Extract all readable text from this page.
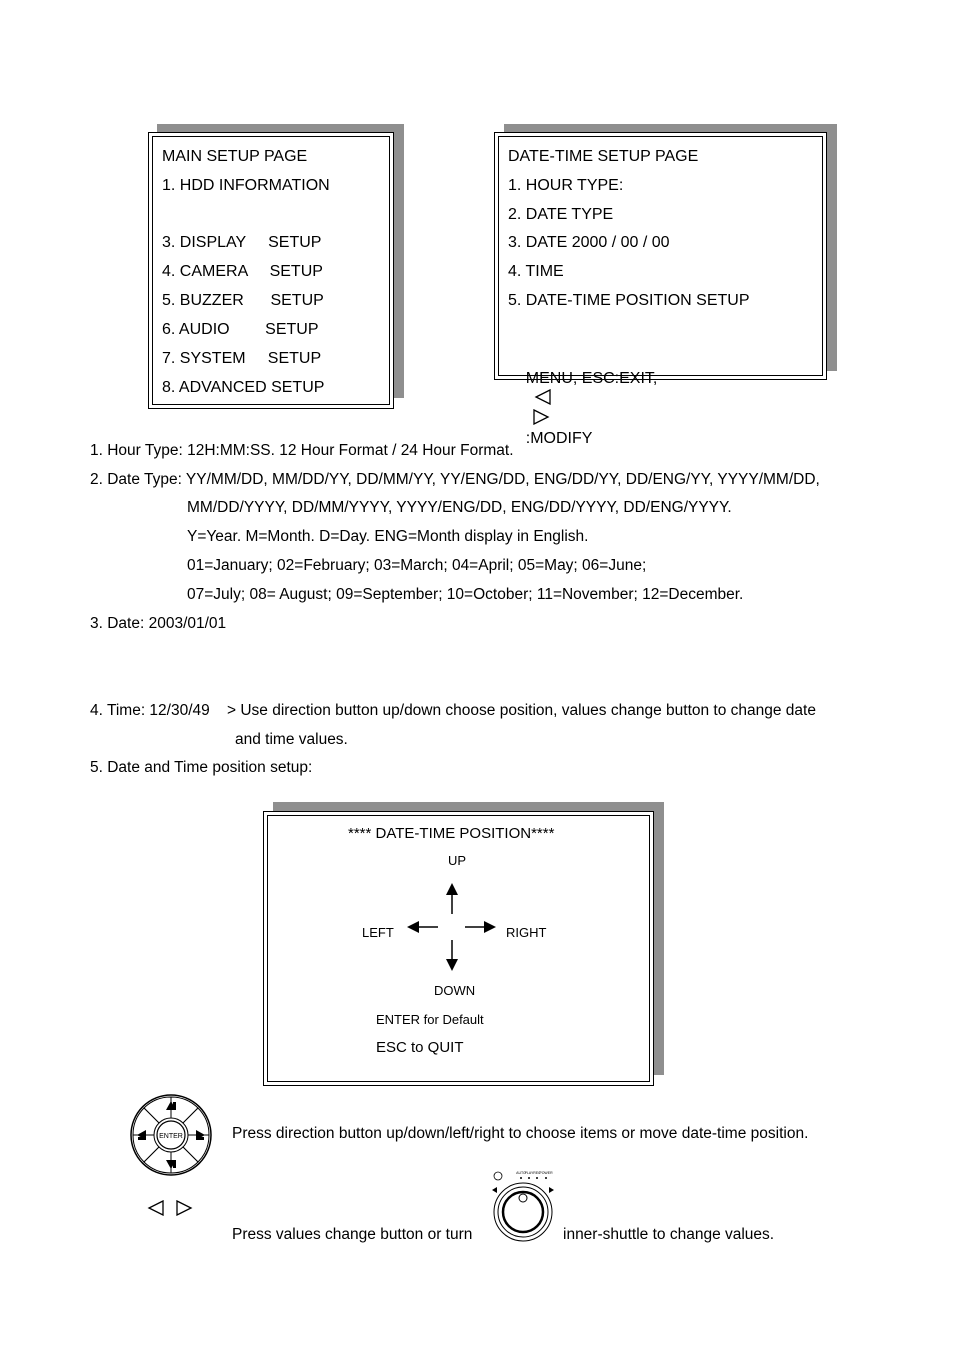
MAIN SETUP PAGE
1. HDD INFORMATION
3. DISPLAY     SETUP
4. CAMERA     SETUP
5. BUZZER      SETUP
6. AUDIO        SETUP
7. SYSTEM     SETUP
8. ADVANCED SETUP
DATE-TIME SETUP PAGE
1. HOUR TYPE:
2. DATE TYPE
3. DATE 2000 / 00 / 00
4. TIME
5. DATE-TIME POSITION SETUP

MENU, ESC:EXIT,

:MODIFY

1. Hour Type: 12H:MM:SS. 12 Hour Format / 24 Hour Format.
2. Date Type: YY/MM/DD, MM/DD/YY, DD/MM/YY, YY/ENG/DD, ENG/DD/YY, DD/ENG/YY, YYYY/MM/DD,
MM/DD/YYYY, DD/MM/YYYY, YYYY/ENG/DD, ENG/DD/YYYY, DD/ENG/YYYY.
Y=Year. M=Month. D=Day. ENG=Month display in English.
01=January; 02=February; 03=March; 04=April; 05=May; 06=June;
07=July; 08= August; 09=September; 10=October; 11=November; 12=December.
3. Date: 2003/01/01
4. Time: 12/30/49    > Use direction button up/down choose position, values change button to change date
and time values.
5. Date and Time position setup:
**** DATE-TIME POSITION****
UP
LEFT	RIGHT
DOWN
ENTER for Default
ESC to QUIT
ENTER	Press direction button up/down/left/right to choose items or move date-time position.
Press values change button or turn
AUTO
PLAY REC
POWER
inner-shuttle to change values.
